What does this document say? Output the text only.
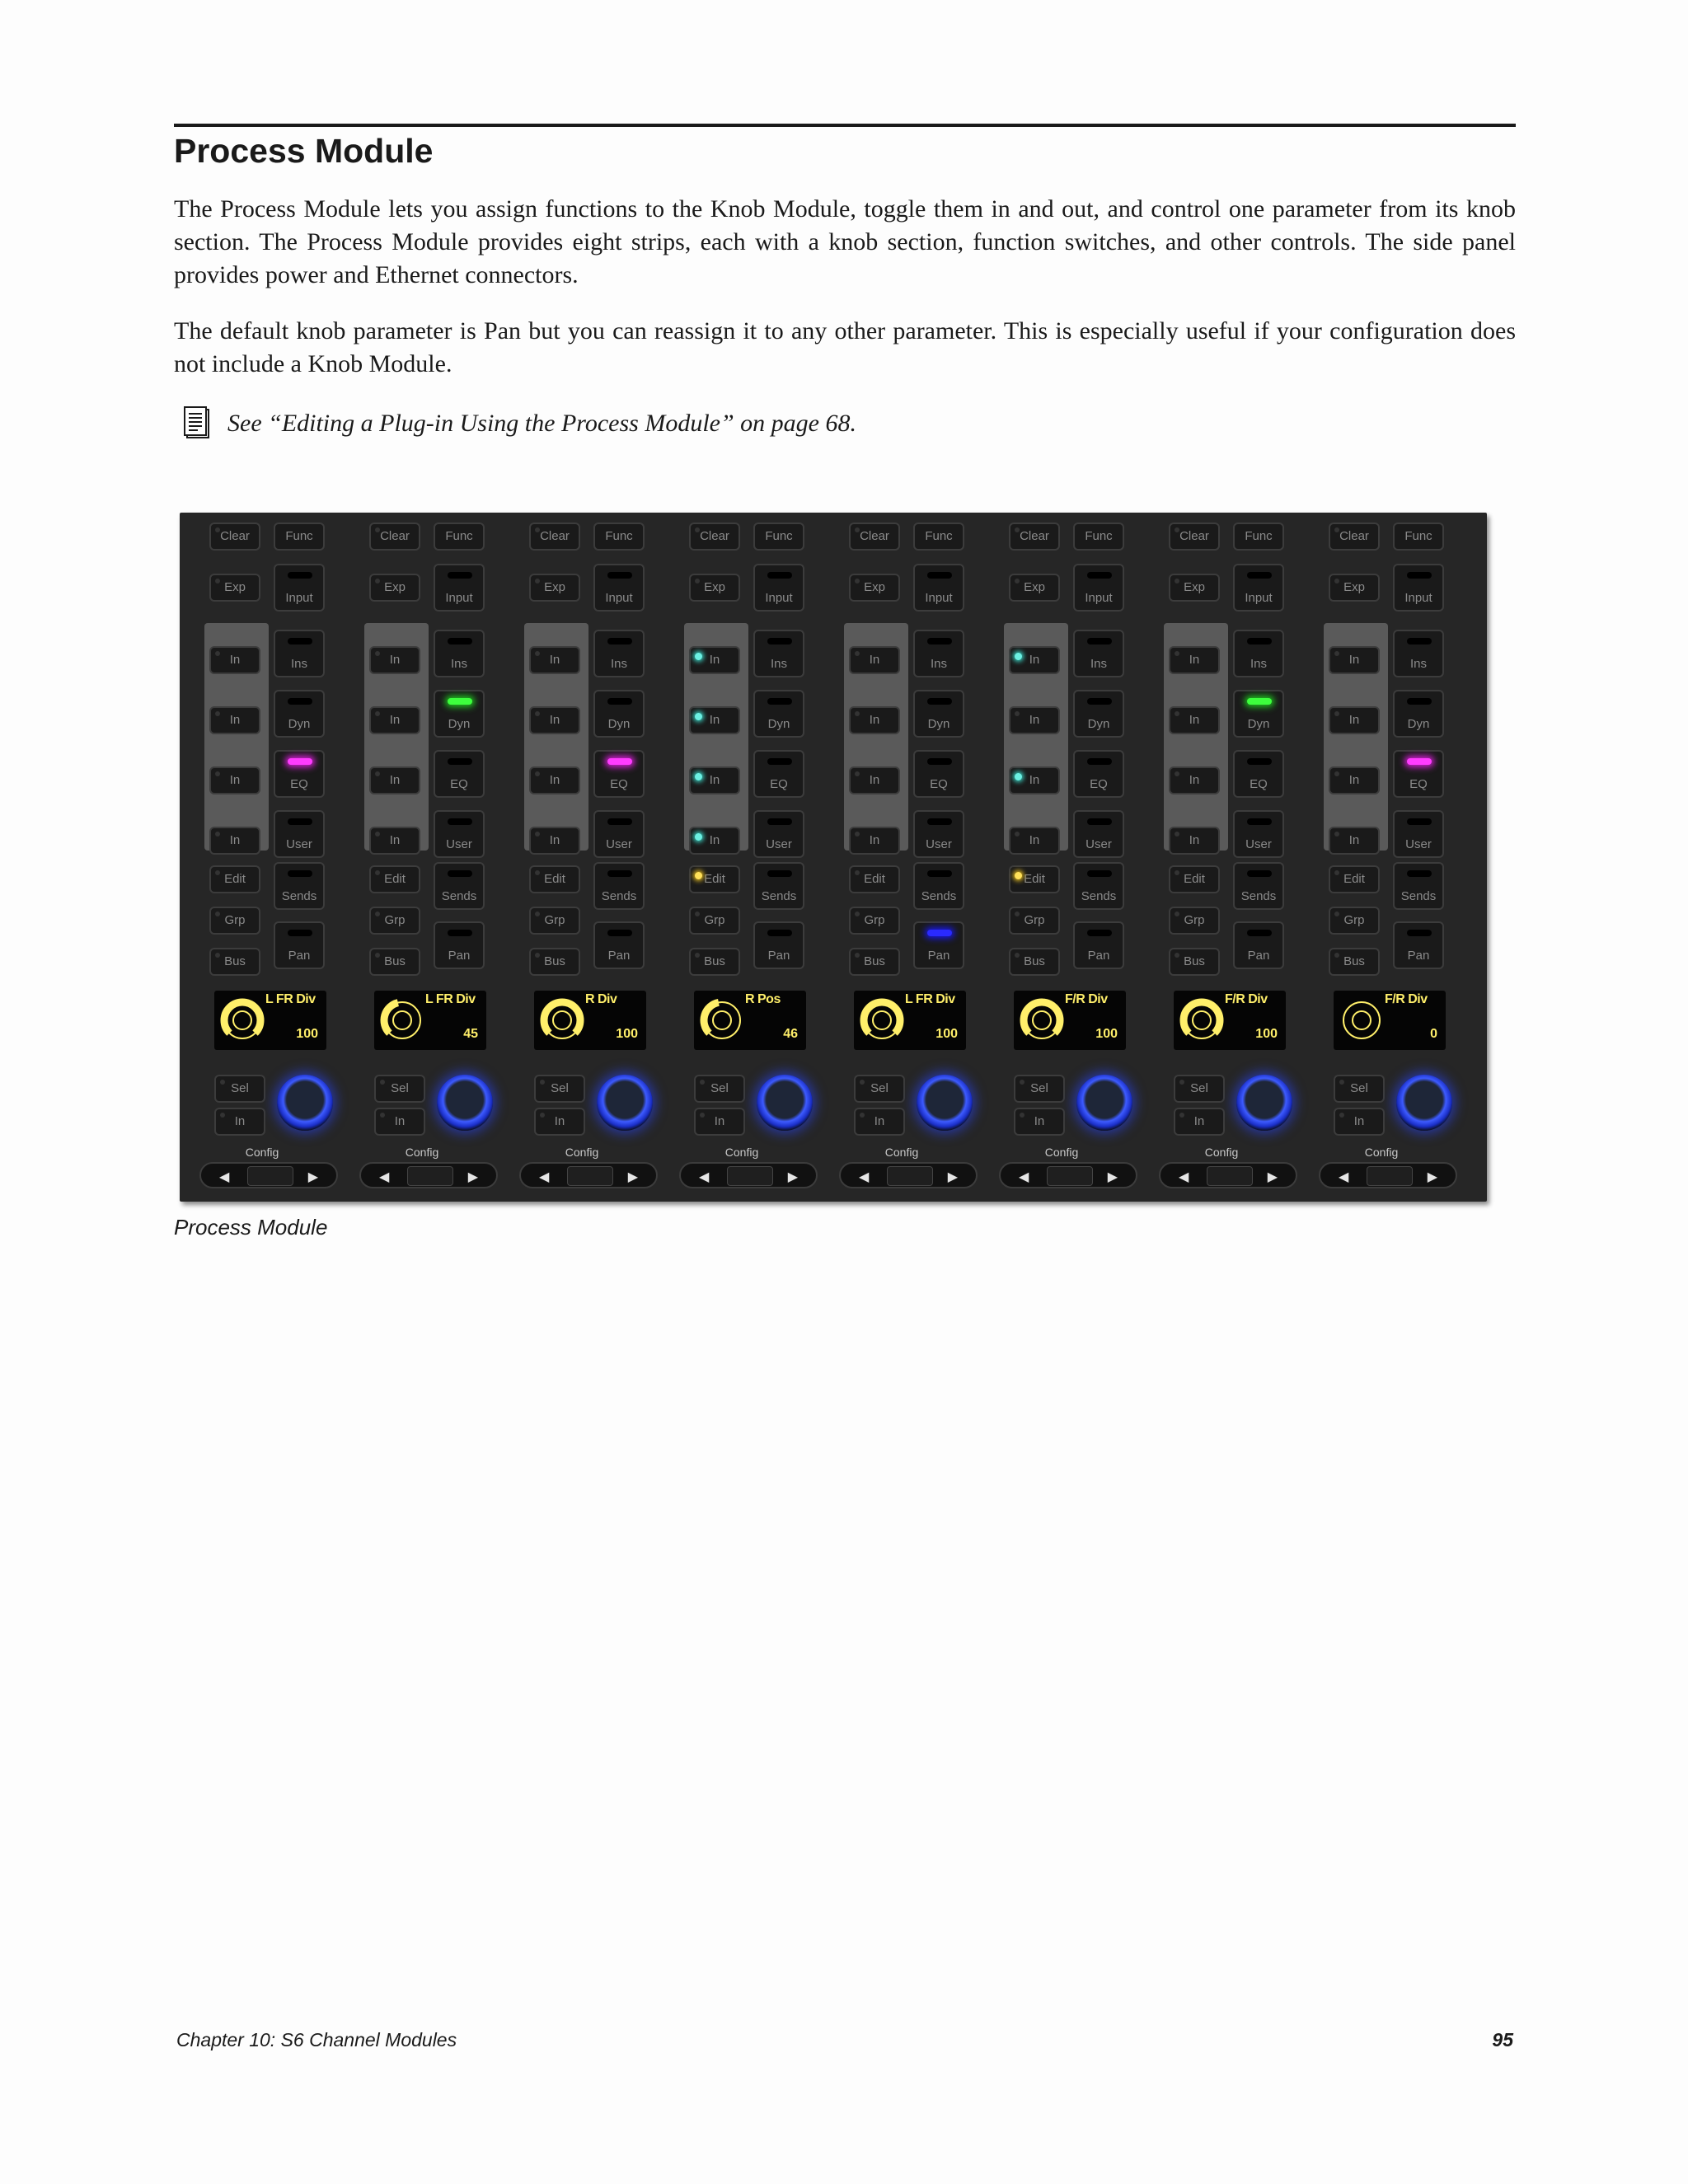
Process Module

The Process Module lets you assign functions to the Knob Module, toggle them in and out, and control one parameter from its knob section. The Process Module provides eight strips, each with a knob section, function switches, and other controls. The side panel provides power and Ethernet connectors.

The default knob parameter is Pan but you can reassign it to any other parameter. This is especially useful if your configuration does not include a Knob Module.

See “Editing a Plug-in Using the Process Module” on page 68.
Clear	Func
Exp
Input
In	Ins
In	Dyn
In	EQ
In	User
Edit
Sends
Grp
Bus	Pan
L FR Div
100
Sel
In
Config
◀	▶
Clear	Func
Exp
Input
In	Ins
In	Dyn
In	EQ
In	User
Edit
Sends
Grp
Bus	Pan
L FR Div
45
Sel
In
Config
◀	▶
Clear	Func
Exp
Input
In	Ins
In	Dyn
In	EQ
In	User
Edit
Sends
Grp
Bus	Pan
R Div
100
Sel
In
Config
◀	▶
Clear	Func
Exp
Input
In	Ins
In	Dyn
In	EQ
In	User
Edit
Sends
Grp
Bus	Pan
R Pos
46
Sel
In
Config
◀	▶
Clear	Func
Exp
Input
In	Ins
In	Dyn
In	EQ
In	User
Edit
Sends
Grp
Bus	Pan
L FR Div
100
Sel
In
Config
◀	▶
Clear	Func
Exp
Input
In	Ins
In	Dyn
In	EQ
In	User
Edit
Sends
Grp
Bus	Pan
F/R Div
100
Sel
In
Config
◀	▶
Clear	Func
Exp
Input
In	Ins
In	Dyn
In	EQ
In	User
Edit
Sends
Grp
Bus	Pan
F/R Div
100
Sel
In
Config
◀	▶
Clear	Func
Exp
Input
In	Ins
In	Dyn
In	EQ
In	User
Edit
Sends
Grp
Bus	Pan
F/R Div
0
Sel
In
Config
◀	▶

Process Module

Chapter 10: S6 Channel Modules	95
